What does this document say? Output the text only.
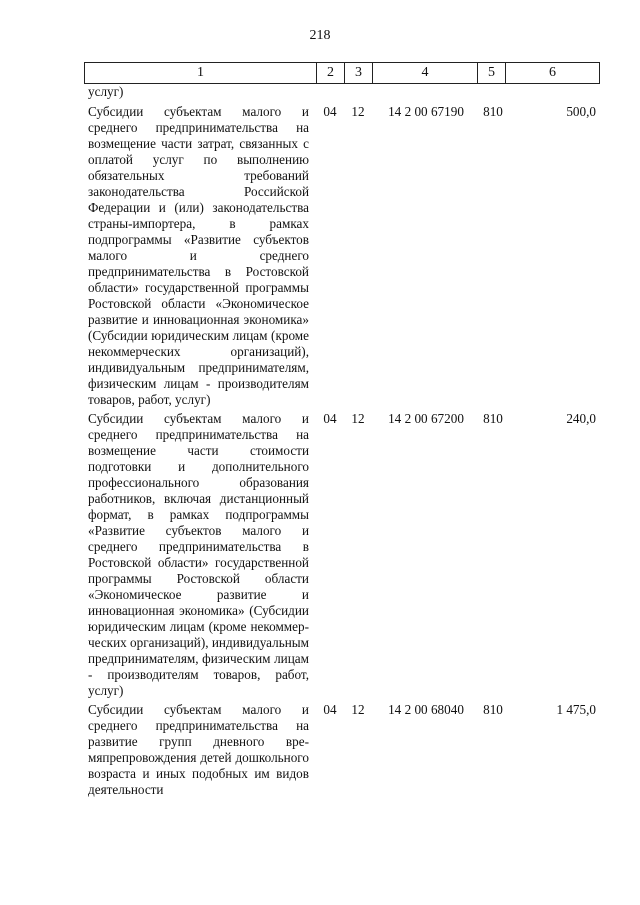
218
1	2	3	4	5	6
услуг)
Субсидии субъектам малого и среднего предпринимательства на возмещение части затрат, связанных с оплатой услуг по выполнению обязательных требований законодательства Российской Федерации и (или) законодательства страны-импортера, в рамках подпрограммы «Развитие субъектов малого и среднего предпринимательства в Ростовской области» государственной программы Ростовской области «Экономическое развитие и инновационная экономика» (Субсидии юридическим лицам (кроме некоммерческих организаций), индивидуальным предпринимателям, физическим лицам - производителям товаров, работ, услуг)
04	12	14 2 00 67190	810	500,0
Субсидии субъектам малого и среднего предпринимательства на возмещение части стоимости подготовки и дополнительного профессионального образования работников, включая дистанционный формат, в рамках подпрограммы «Развитие субъектов малого и среднего предпринимательства в Ростовской области» государственной программы Ростовской области «Экономическое развитие и инновационная экономика» (Субсидии юридическим лицам (кроме некоммерческих организаций), индивидуальным предпринимателям, физическим лицам - производителям товаров, работ, услуг)
04	12	14 2 00 67200	810	240,0
Субсидии субъектам малого и среднего предпринимательства на развитие групп дневного времяпрепровождения детей дошкольного возраста и иных подобных им видов деятельности
04	12	14 2 00 68040	810	1 475,0
